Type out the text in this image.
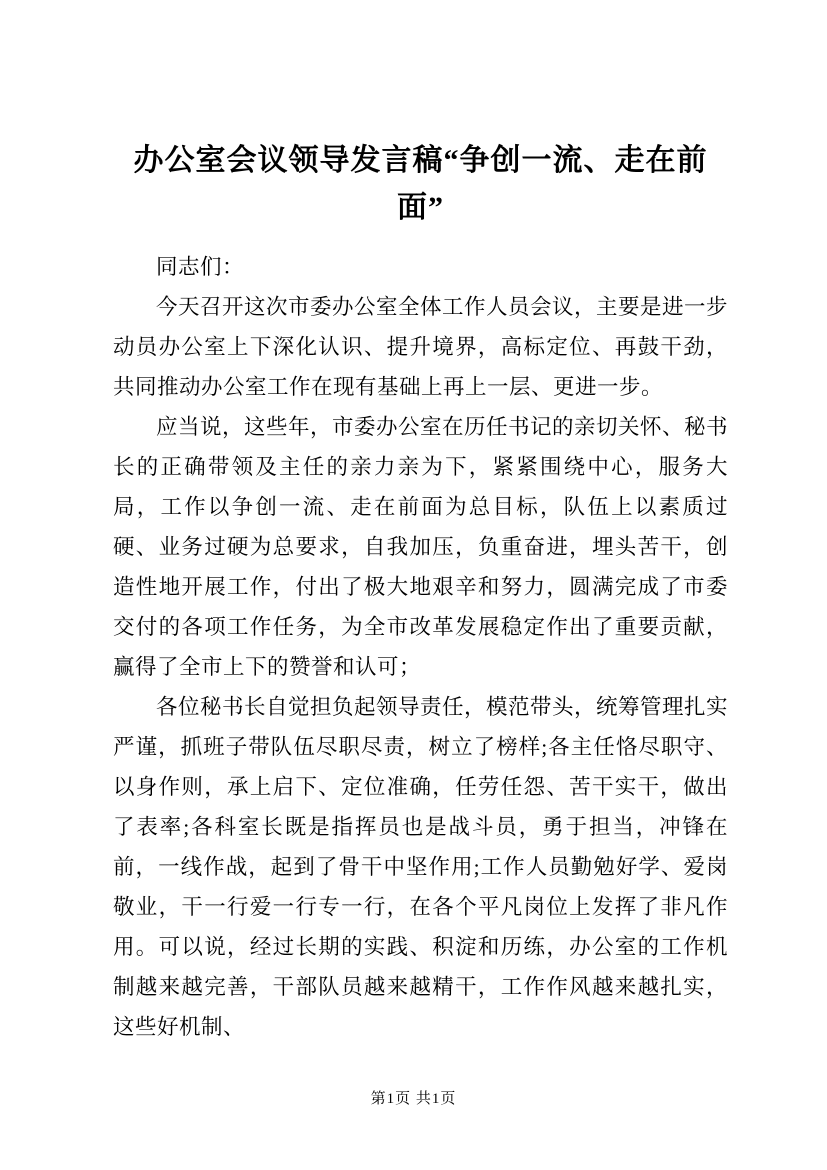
办公室会议领导发言稿“争创一流、走在前面”

同志们：

今天召开这次市委办公室全体工作人员会议，主要是进一步动员办公室上下深化认识、提升境界，高标定位、再鼓干劲，共同推动办公室工作在现有基础上再上一层、更进一步。

应当说，这些年，市委办公室在历任书记的亲切关怀、秘书长的正确带领及主任的亲力亲为下，紧紧围绕中心，服务大局，工作以争创一流、走在前面为总目标，队伍上以素质过硬、业务过硬为总要求，自我加压，负重奋进，埋头苦干，创造性地开展工作，付出了极大地艰辛和努力，圆满完成了市委交付的各项工作任务，为全市改革发展稳定作出了重要贡献，赢得了全市上下的赞誉和认可；

各位秘书长自觉担负起领导责任，模范带头，统筹管理扎实严谨，抓班子带队伍尽职尽责，树立了榜样;各主任恪尽职守、以身作则，承上启下、定位准确，任劳任怨、苦干实干，做出了表率;各科室长既是指挥员也是战斗员，勇于担当，冲锋在前，一线作战，起到了骨干中坚作用;工作人员勤勉好学、爱岗敬业，干一行爱一行专一行，在各个平凡岗位上发挥了非凡作用。可以说，经过长期的实践、积淀和历练，办公室的工作机制越来越完善，干部队员越来越精干，工作作风越来越扎实，这些好机制、

第1页 共1页
